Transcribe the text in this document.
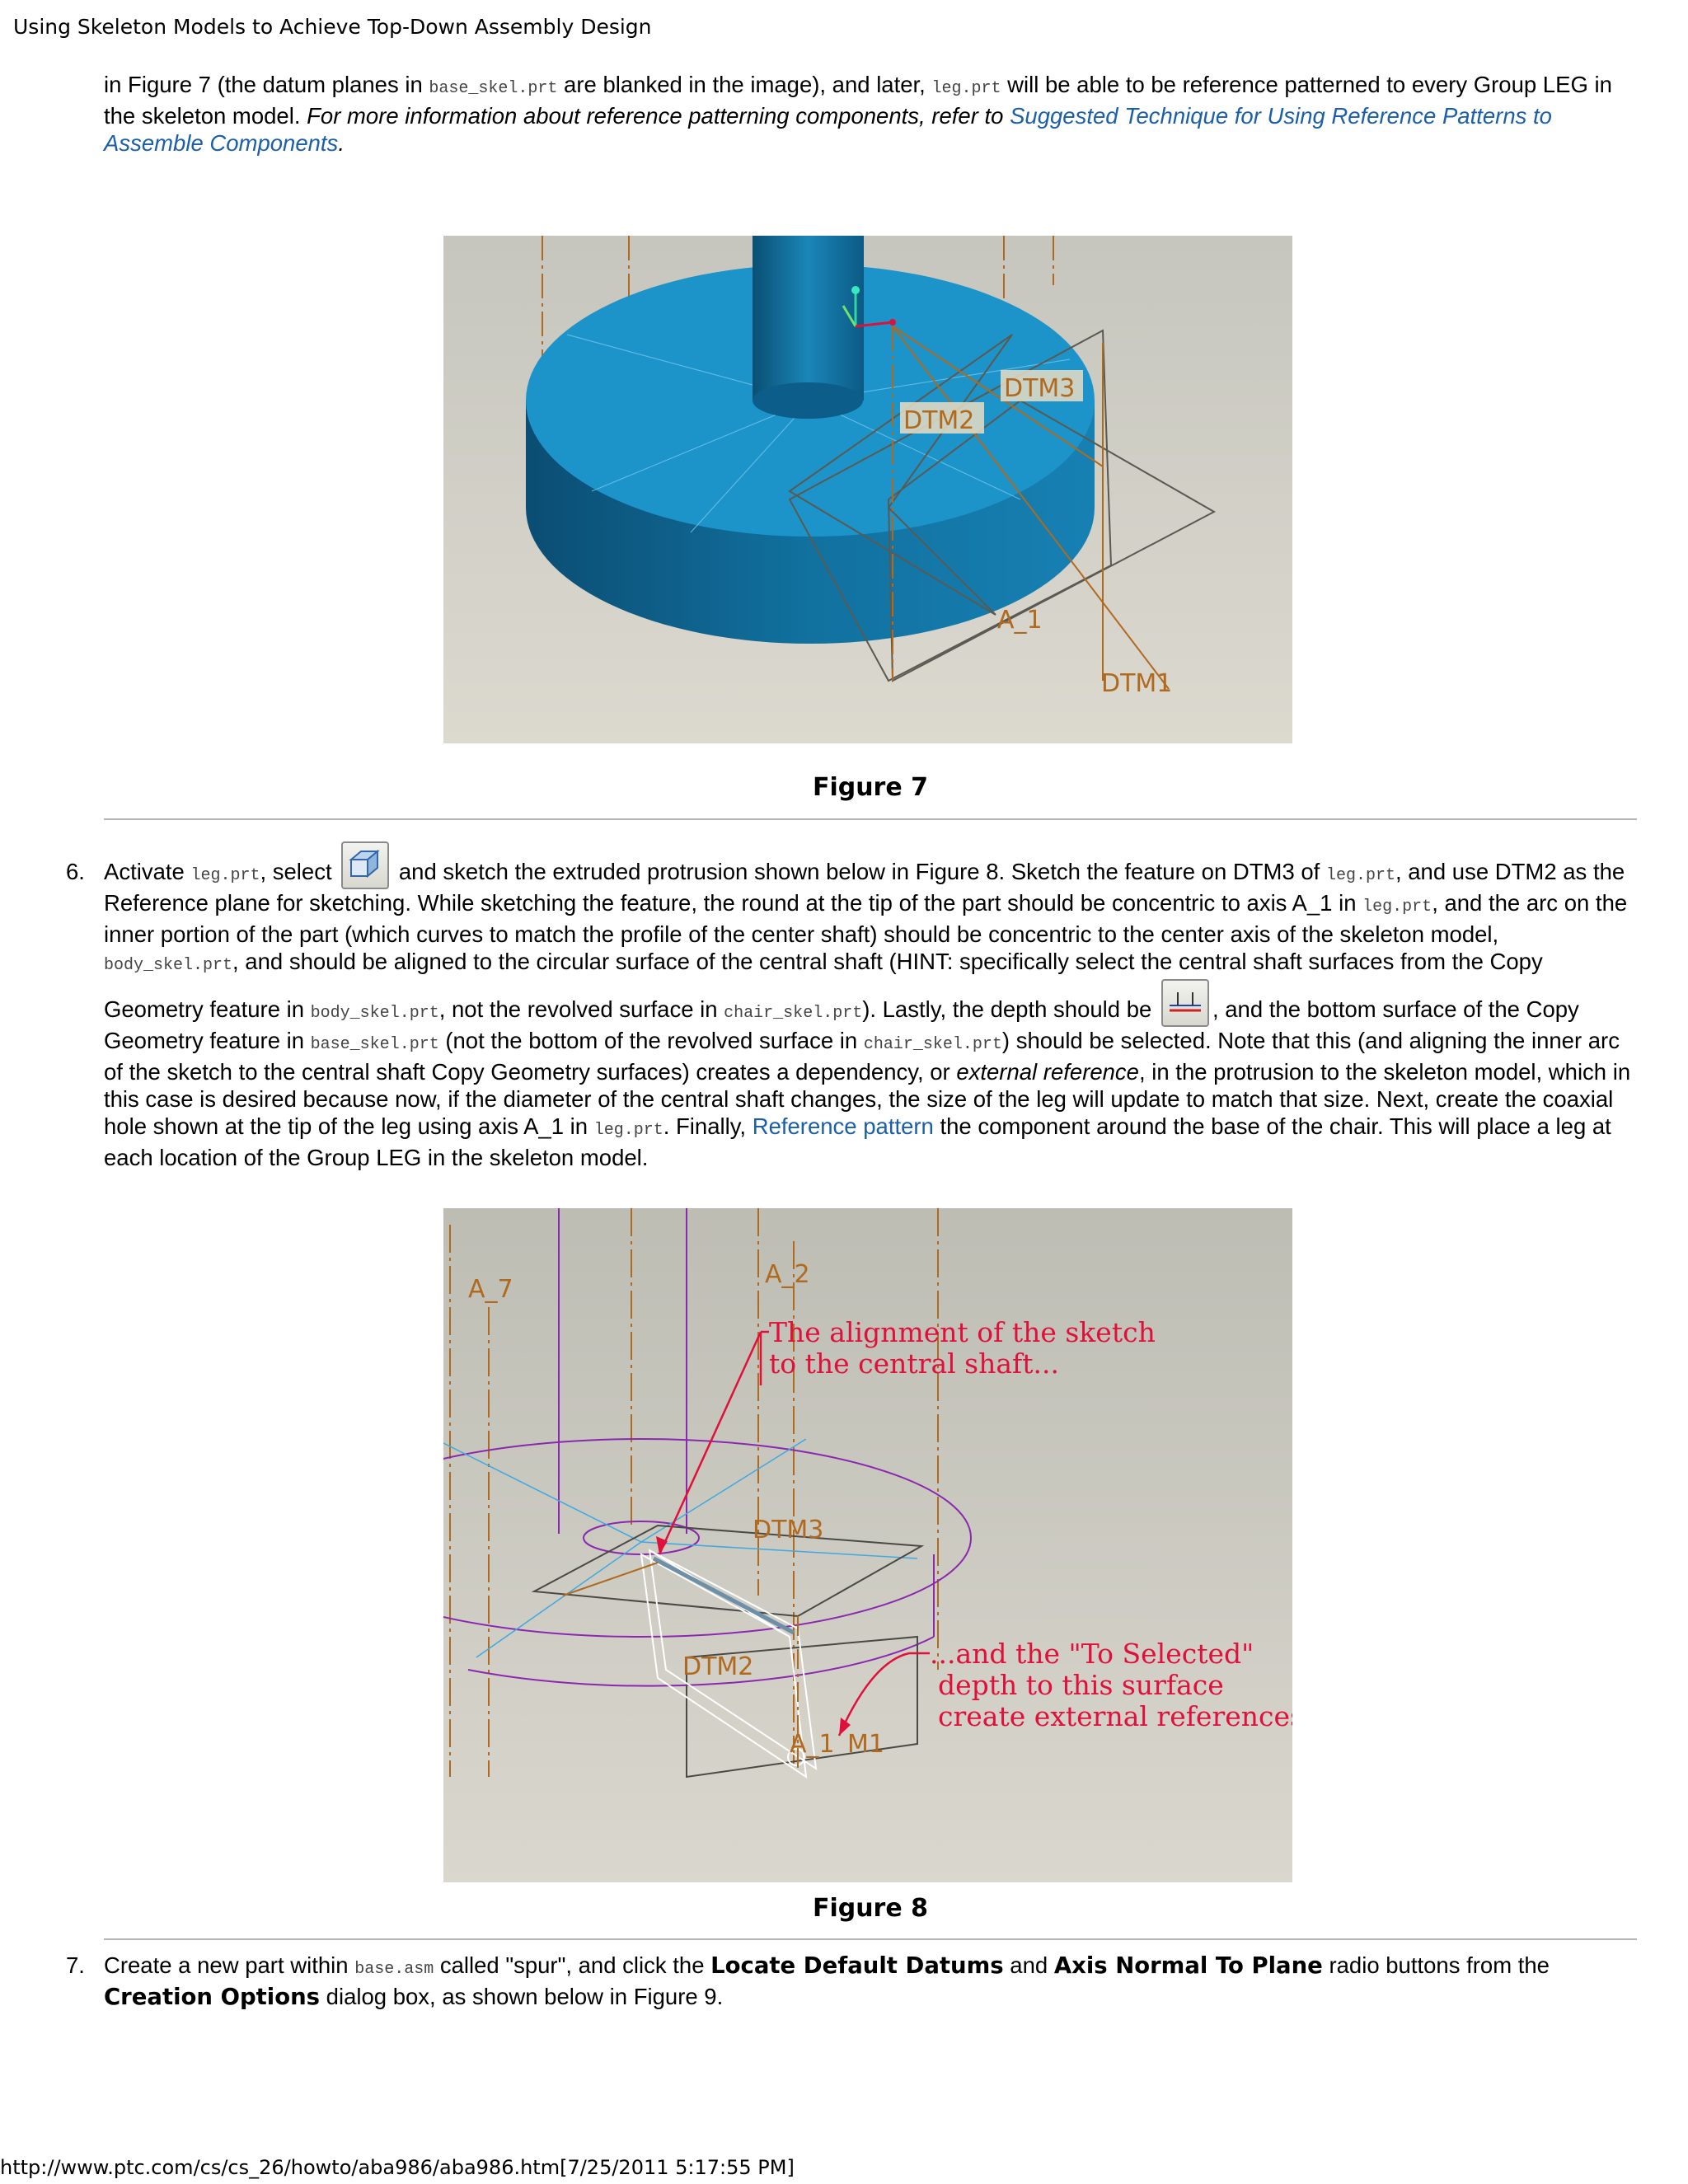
Using Skeleton Models to Achieve Top-Down Assembly Design

in Figure 7 (the datum planes in base_skel.prt are blanked in the image), and later, leg.prt will be able to be reference patterned to every Group LEG in the skeleton model. For more information about reference patterning components, refer to Suggested Technique for Using Reference Patterns to Assemble Components.

DTM3
DTM2
A_1
DTM1
Figure 7
6. Activate leg.prt, select  and sketch the extruded protrusion shown below in Figure 8. Sketch the feature on DTM3 of leg.prt, and use DTM2 as the Reference plane for sketching. While sketching the feature, the round at the tip of the part should be concentric to axis A_1 in leg.prt, and the arc on the inner portion of the part (which curves to match the profile of the center shaft) should be concentric to the center axis of the skeleton model, body_skel.prt, and should be aligned to the circular surface of the central shaft (HINT: specifically select the central shaft surfaces from the Copy Geometry feature in body_skel.prt, not the revolved surface in chair_skel.prt). Lastly, the depth should be , and the bottom surface of the Copy Geometry feature in base_skel.prt (not the bottom of the revolved surface in chair_skel.prt) should be selected. Note that this (and aligning the inner arc of the sketch to the central shaft Copy Geometry surfaces) creates a dependency, or external reference, in the protrusion to the skeleton model, which in this case is desired because now, if the diameter of the central shaft changes, the size of the leg will update to match that size. Next, create the coaxial hole shown at the tip of the leg using axis A_1 in leg.prt. Finally, Reference pattern the component around the base of the chair. This will place a leg at each location of the Group LEG in the skeleton model.

A_7
A_2
DTM3
DTM2
A_1 M1
The alignment of the sketch
to the central shaft...
...and the "To Selected"
depth to this surface
create external references
Figure 8
7. Create a new part within base.asm called "spur", and click the Locate Default Datums and Axis Normal To Plane radio buttons from the Creation Options dialog box, as shown below in Figure 9.

http://www.ptc.com/cs/cs_26/howto/aba986/aba986.htm[7/25/2011 5:17:55 PM]
